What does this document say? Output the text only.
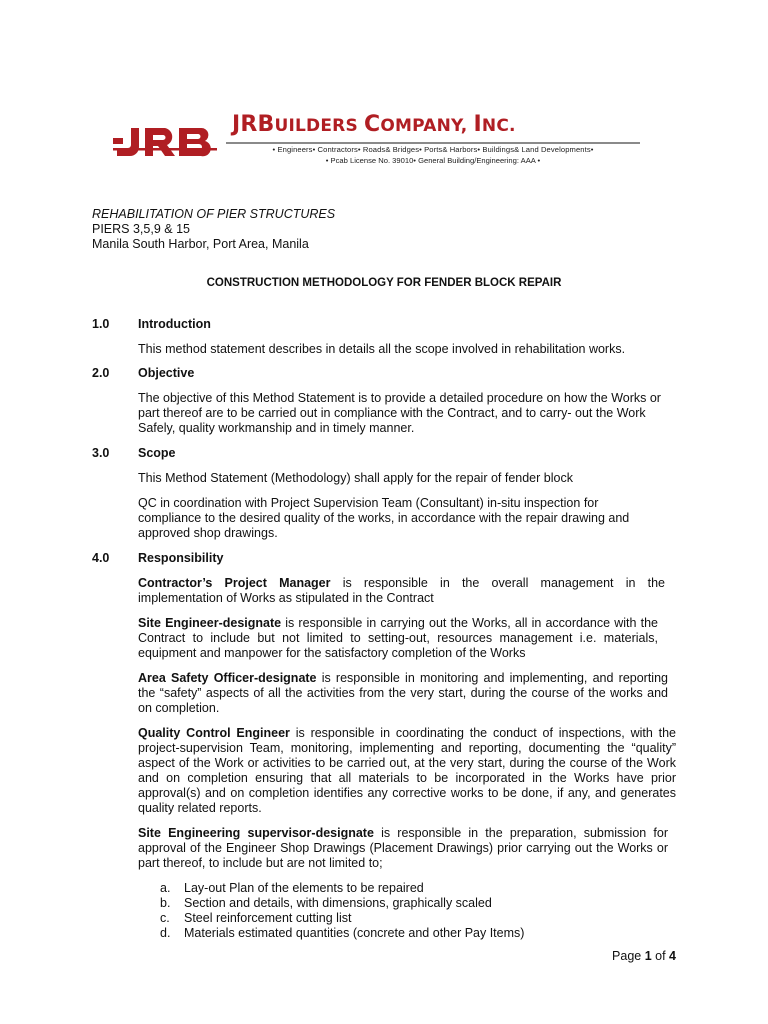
JRBUILDERS COMPANY, INC.
• Engineers• Contractors• Roads& Bridges• Ports& Harbors• Buildings& Land Developments•
• Pcab License No. 39010• General Building/Engineering: AAA •
REHABILITATION OF PIER STRUCTURES
PIERS 3,5,9 & 15
Manila South Harbor, Port Area, Manila
CONSTRUCTION METHODOLOGY FOR FENDER BLOCK REPAIR
1.0 Introduction

This method statement describes in details all the scope involved in rehabilitation works.

2.0 Objective

The objective of this Method Statement is to provide a detailed procedure on how the Works or part thereof are to be carried out in compliance with the Contract, and to carry- out the Work Safely, quality workmanship and in timely manner.

3.0 Scope

This Method Statement (Methodology) shall apply for the repair of fender block

QC in coordination with Project Supervision Team (Consultant) in-situ inspection for compliance to the desired quality of the works, in accordance with the repair drawing and approved shop drawings.

4.0 Responsibility

Contractor’s Project Manager is responsible in the overall management in the implementation of Works as stipulated in the Contract

Site Engineer-designate is responsible in carrying out the Works, all in accordance with the Contract to include but not limited to setting-out, resources management i.e. materials, equipment and manpower for the satisfactory completion of the Works

Area Safety Officer-designate is responsible in monitoring and implementing, and reporting the “safety” aspects of all the activities from the very start, during the course of the works and on completion.

Quality Control Engineer is responsible in coordinating the conduct of inspections, with the project-supervision Team, monitoring, implementing and reporting, documenting the “quality” aspect of the Work or activities to be carried out, at the very start, during the course of the Work and on completion ensuring that all materials to be incorporated in the Works have prior approval(s) and on completion identifies any corrective works to be done, if any, and generates quality related reports.

Site Engineering supervisor-designate is responsible in the preparation, submission for approval of the Engineer Shop Drawings (Placement Drawings) prior carrying out the Works or part thereof, to include but are not limited to;

a.	Lay-out Plan of the elements to be repaired
b.	Section and details, with dimensions, graphically scaled
c.	Steel reinforcement cutting list
d.	Materials estimated quantities (concrete and other Pay Items)
Page 1 of 4
